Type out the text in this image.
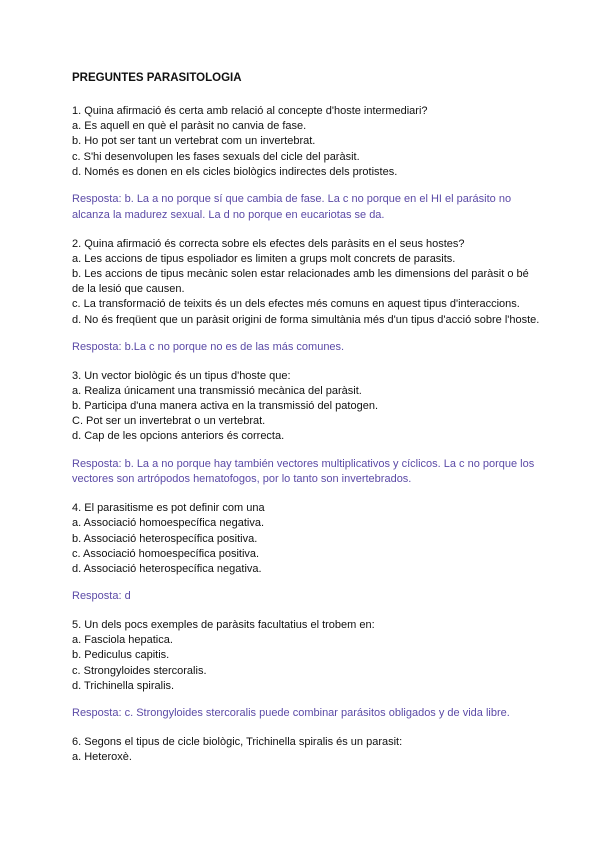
PREGUNTES PARASITOLOGIA
1. Quina afirmació és certa amb relació al concepte d'hoste intermediari?
a. Es aquell en què el paràsit no canvia de fase.
b. Ho pot ser tant un vertebrat com un invertebrat.
c. S'hi desenvolupen les fases sexuals del cicle del paràsit.
d. Només es donen en els cicles biològics indirectes dels protistes.
Resposta: b. La a no porque sí que cambia de fase. La c no porque en el HI el parásito no alcanza la madurez sexual. La d no porque en eucariotas se da.
2. Quina afirmació és correcta sobre els efectes dels paràsits en el seus hostes?
a. Les accions de tipus espoliador es limiten a grups molt concrets de parasits.
b. Les accions de tipus mecànic solen estar relacionades amb les dimensions del paràsit o bé de la lesió que causen.
c. La transformació de teixits és un dels efectes més comuns en aquest tipus d'interaccions.
d. No és freqüent que un paràsit origini de forma simultània més d'un tipus d'acció sobre l'hoste.
Resposta: b.La c no porque no es de las más comunes.
3. Un vector biològic és un tipus d'hoste que:
a. Realiza únicament una transmissió mecànica del paràsit.
b. Participa d'una manera activa en la transmissió del patogen.
C. Pot ser un invertebrat o un vertebrat.
d. Cap de les opcions anteriors és correcta.
Resposta: b. La a no porque hay también vectores multiplicativos y cíclicos. La c no porque los vectores son artrópodos hematofogos, por lo tanto son invertebrados.
4. El parasitisme es pot definir com una
a. Associació homoespecífica negativa.
b. Associació heterospecífica positiva.
c. Associació homoespecífica positiva.
d. Associació heterospecífica negativa.
Resposta: d
5. Un dels pocs exemples de paràsits facultatius el trobem en:
a. Fasciola hepatica.
b. Pediculus capitis.
c. Strongyloides stercoralis.
d. Trichinella spiralis.
Resposta: c. Strongyloides stercoralis puede combinar parásitos obligados y de vida libre.
6. Segons el tipus de cicle biològic, Trichinella spiralis és un parasit:
a. Heteroxè.
